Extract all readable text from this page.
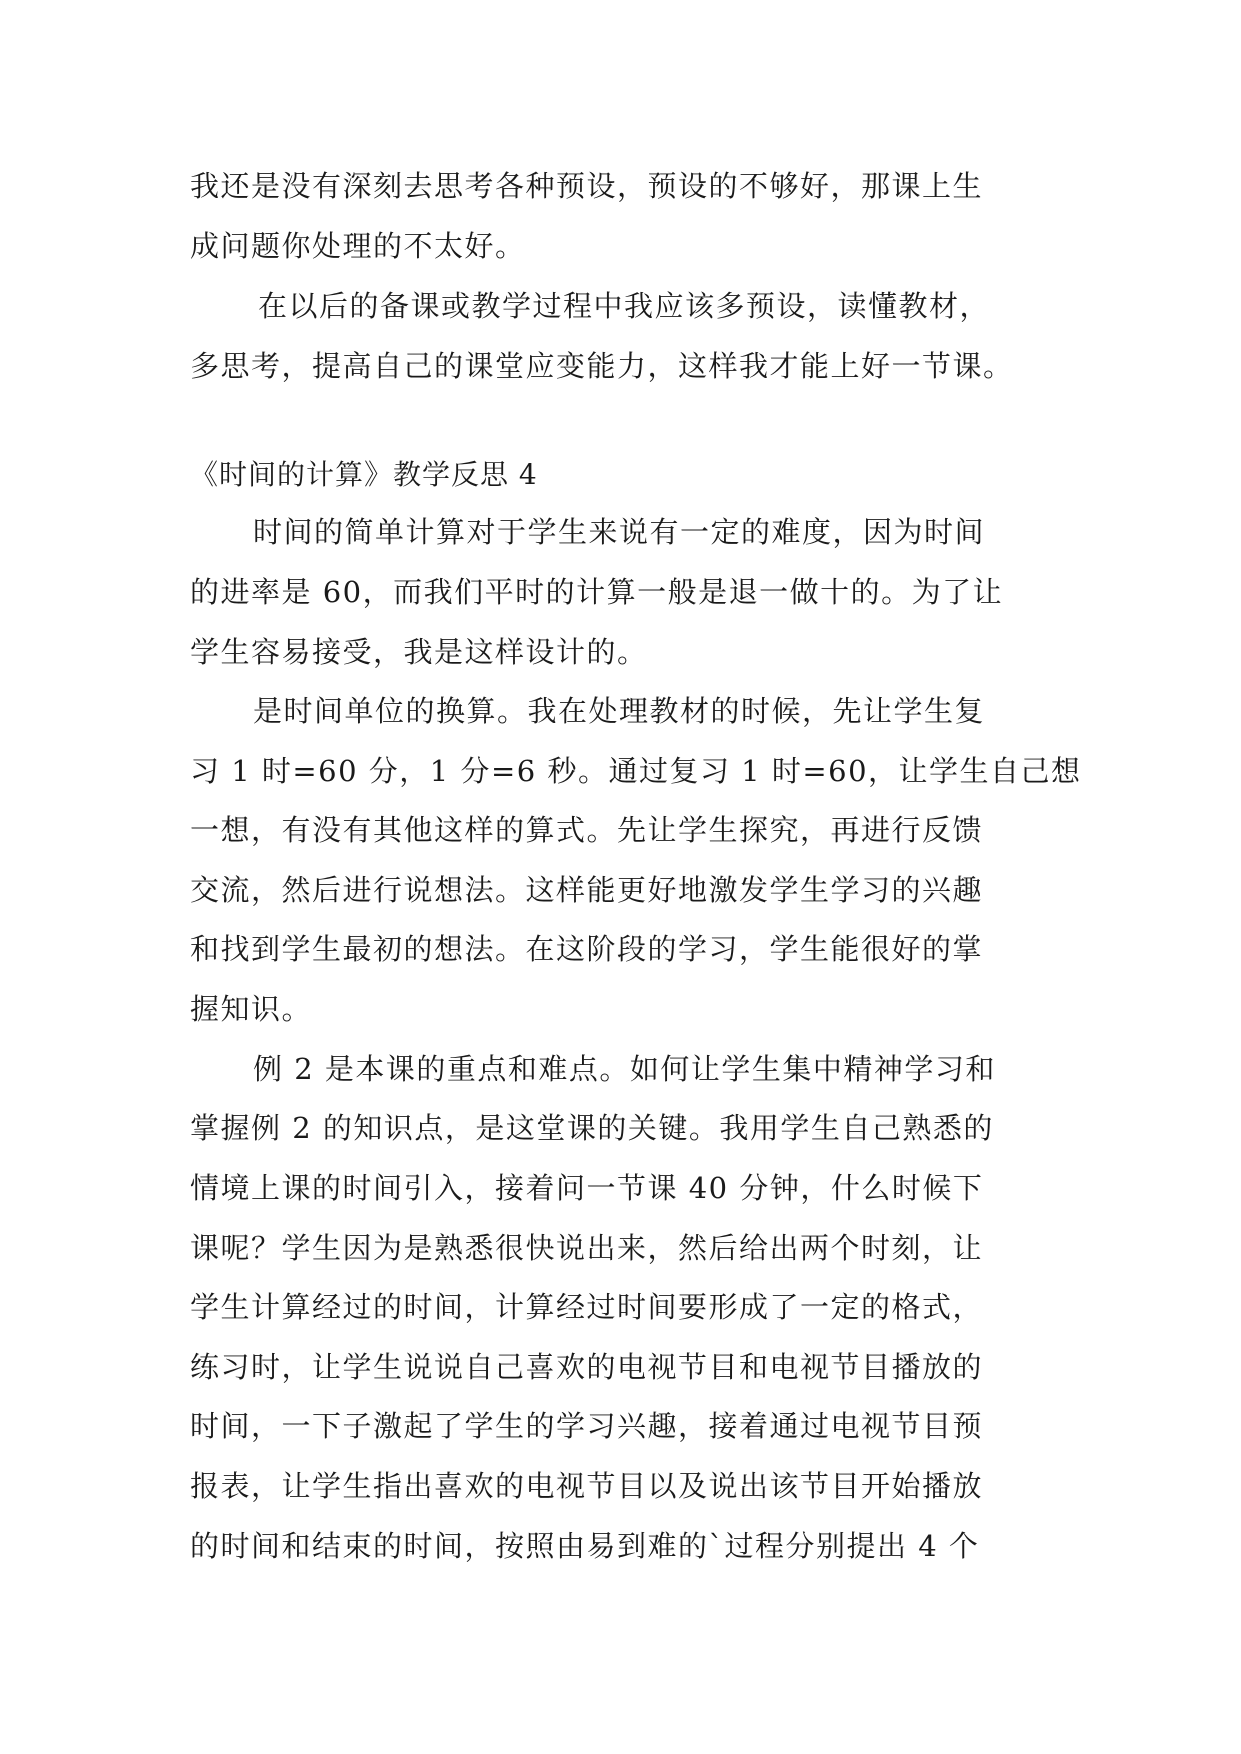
我还是没有深刻去思考各种预设，预设的不够好，那课上生
成问题你处理的不太好。
在以后的备课或教学过程中我应该多预设，读懂教材，
多思考，提高自己的课堂应变能力，这样我才能上好一节课。
《时间的计算》教学反思 4
时间的简单计算对于学生来说有一定的难度，因为时间
的进率是 60，而我们平时的计算一般是退一做十的。为了让
学生容易接受，我是这样设计的。
是时间单位的换算。我在处理教材的时候，先让学生复
习 1 时=60 分，1 分=6 秒。通过复习 1 时=60，让学生自己想
一想，有没有其他这样的算式。先让学生探究，再进行反馈
交流，然后进行说想法。这样能更好地激发学生学习的兴趣
和找到学生最初的想法。在这阶段的学习，学生能很好的掌
握知识。
例 2 是本课的重点和难点。如何让学生集中精神学习和
掌握例 2 的知识点，是这堂课的关键。我用学生自己熟悉的
情境上课的时间引入，接着问一节课 40 分钟，什么时候下
课呢？学生因为是熟悉很快说出来，然后给出两个时刻，让
学生计算经过的时间，计算经过时间要形成了一定的格式，
练习时，让学生说说自己喜欢的电视节目和电视节目播放的
时间，一下子激起了学生的学习兴趣，接着通过电视节目预
报表，让学生指出喜欢的电视节目以及说出该节目开始播放
的时间和结束的时间，按照由易到难的`过程分别提出 4 个
